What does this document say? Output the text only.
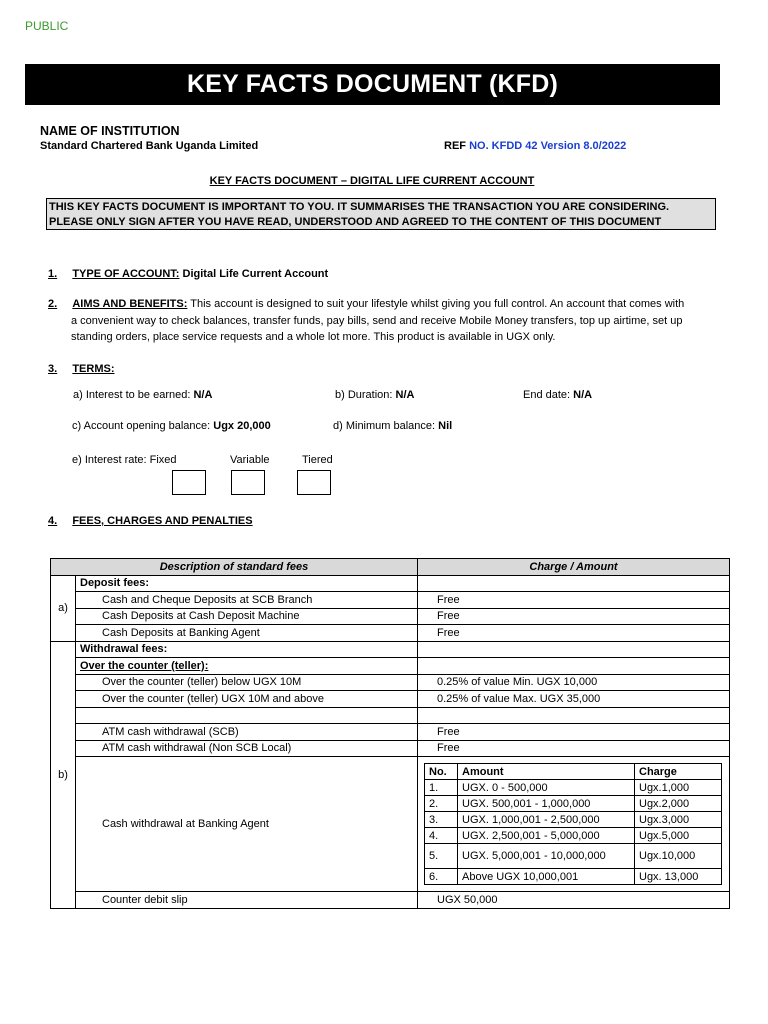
PUBLIC
KEY FACTS DOCUMENT (KFD)
NAME OF INSTITUTION
Standard Chartered Bank Uganda Limited	REF NO. KFDD 42 Version 8.0/2022
KEY FACTS DOCUMENT – DIGITAL LIFE CURRENT ACCOUNT
THIS KEY FACTS DOCUMENT IS IMPORTANT TO YOU. IT SUMMARISES THE TRANSACTION YOU ARE CONSIDERING. PLEASE ONLY SIGN AFTER YOU HAVE READ, UNDERSTOOD AND AGREED TO THE CONTENT OF THIS DOCUMENT
1. TYPE OF ACCOUNT: Digital Life Current Account
2. AIMS AND BENEFITS: This account is designed to suit your lifestyle whilst giving you full control. An account that comes with
a convenient way to check balances, transfer funds, pay bills, send and receive Mobile Money transfers, top up airtime, set up
standing orders, place service requests and a whole lot more. This product is available in UGX only.
3. TERMS:
a) Interest to be earned: N/A	b) Duration: N/A	End date: N/A
c) Account opening balance: Ugx 20,000	d) Minimum balance: Nil
e) Interest rate: Fixed	Variable	Tiered
4. FEES, CHARGES AND PENALTIES
Description of standard fees	Charge / Amount
a)	Deposit fees:	
Cash and Cheque Deposits at SCB Branch	Free
Cash Deposits at Cash Deposit Machine	Free
Cash Deposits at Banking Agent	Free
b)	Withdrawal fees:	
Over the counter (teller):	
Over the counter (teller) below UGX 10M	0.25% of value Min. UGX 10,000
Over the counter (teller) UGX 10M and above	0.25% of value Max. UGX 35,000

ATM cash withdrawal (SCB)	Free
ATM cash withdrawal (Non SCB Local)	Free
Cash withdrawal at Banking Agent	
No.	Amount	Charge
1.	UGX. 0 - 500,000	Ugx.1,000
2.	UGX. 500,001 - 1,000,000	Ugx.2,000
3.	UGX. 1,000,001 - 2,500,000	Ugx.3,000
4.	UGX. 2,500,001 - 5,000,000	Ugx.5,000
5.	UGX. 5,000,001 - 10,000,000	Ugx.10,000
6.	Above UGX 10,000,001	Ugx. 13,000

Counter debit slip	UGX 50,000
